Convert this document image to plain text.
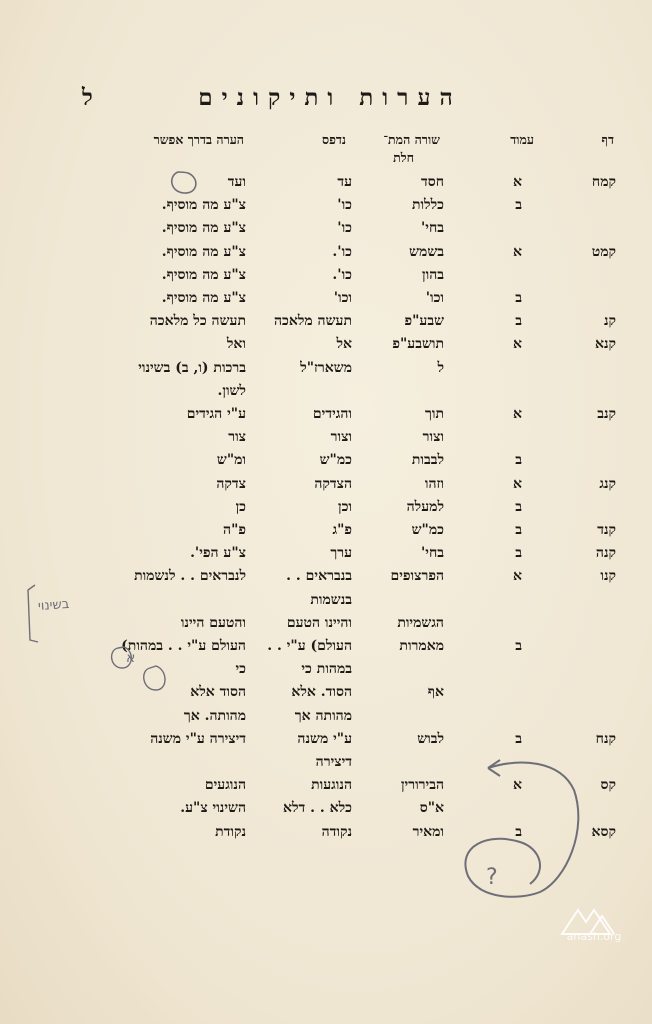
ל	הערות ותיקונים
דף
עמוד
שורה המת־
חלת
נדפס
הערה בדרך אפשר
קמח
א
חסד
עד
ועד
ב
כללות
כו'
צ"ע מה מוסיף.
בחי'
כו'
צ"ע מה מוסיף.
קמט
א
בשמש
כו'.
צ"ע מה מוסיף.
בהון
כו'.
צ"ע מה מוסיף.
ב
וכו'
וכו'
צ"ע מה מוסיף.
קנ
ב
שבע"פ
תעשה מלאכה
תעשה כל מלאכה
קנא
א
תושבע"פ
אל
ואל
ל
משארז"ל
ברכות (ו, ב) בשינוי
לשון.
קנב
א
תוך
והגידים
ע"י הגידים
וצור
וצור
צור
ב
לבבות
כמ"ש
ומ"ש
קנג
א
וזהו
הצדקה
צדקה
ב
למעלה
וכן
כן
קנד
ב
כמ"ש
פ"ג
פ"ה
קנה
ב
בחי'
ערך
צ"ע הפי'.
קנו
א
הפרצופים
בנבראים . .
לנבראים . . לנשמות
בנשמות
הגשמיות
והיינו הטעם
והטעם היינו
ב
מאמרות
העולם) ע"י . .
העולם ע"י . . במהות)
במהות כי
כי
אף
הסוד. אלא
הסוד אלא
מהותה אך
מהותה. אך
קנח
ב
לבוש
ע"י משנה
דיצירה ע"י משנה
דיצירה
קס
א
הבירורין
הנוגעות
הנוגעים
א"ס
כלא . . דלא
השינוי צ"ע.
קסא
ב
ומאיר
נקודה
נקודת
?
בשינוי
א
anash.org
